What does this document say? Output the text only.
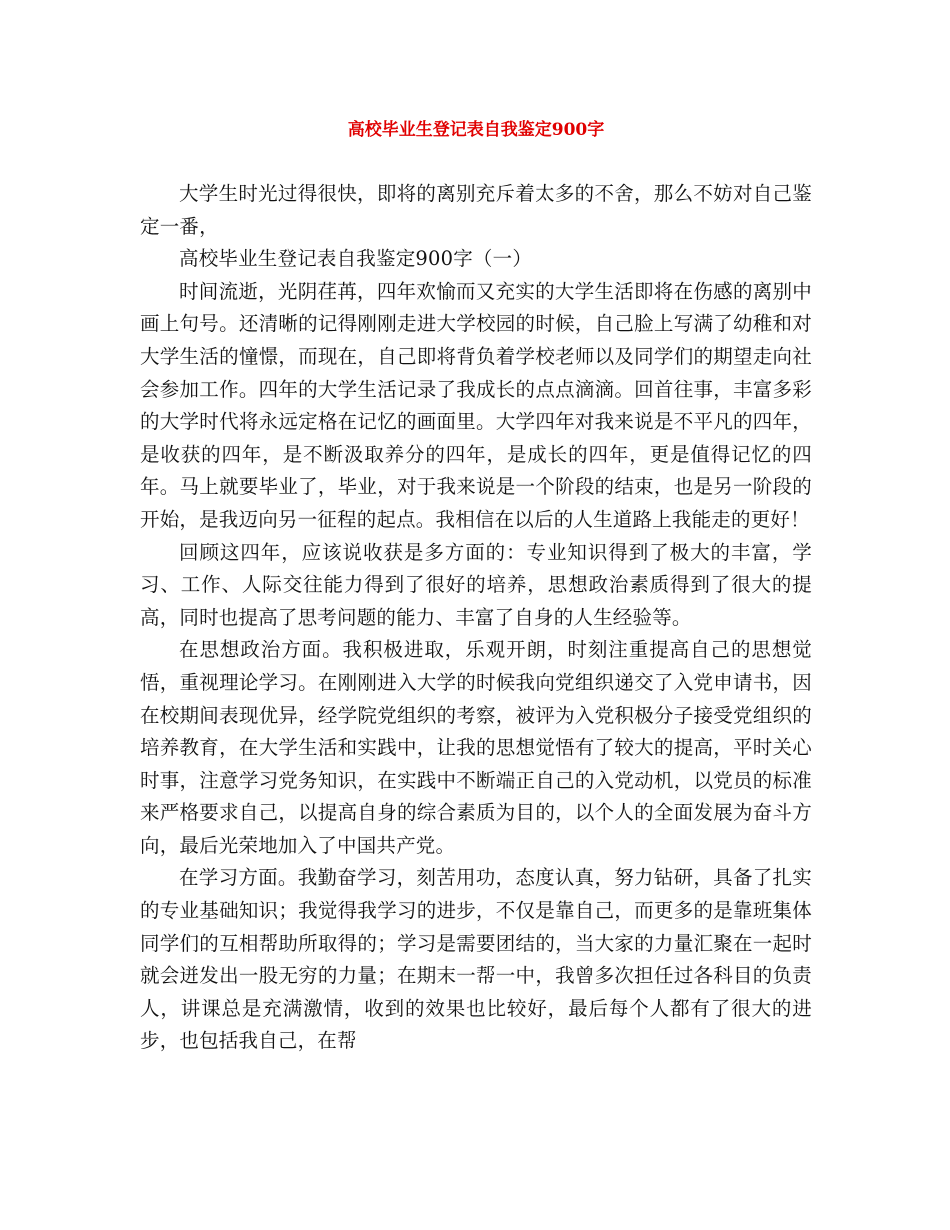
高校毕业生登记表自我鉴定900字

大学生时光过得很快，即将的离别充斥着太多的不舍，那么不妨对自己鉴定一番，

高校毕业生登记表自我鉴定900字（一）

时间流逝，光阴荏苒，四年欢愉而又充实的大学生活即将在伤感的离别中画上句号。还清晰的记得刚刚走进大学校园的时候，自己脸上写满了幼稚和对大学生活的憧憬，而现在，自己即将背负着学校老师以及同学们的期望走向社会参加工作。四年的大学生活记录了我成长的点点滴滴。回首往事，丰富多彩的大学时代将永远定格在记忆的画面里。大学四年对我来说是不平凡的四年，是收获的四年，是不断汲取养分的四年，是成长的四年，更是值得记忆的四年。马上就要毕业了，毕业，对于我来说是一个阶段的结束，也是另一阶段的开始，是我迈向另一征程的起点。我相信在以后的人生道路上我能走的更好！

回顾这四年，应该说收获是多方面的：专业知识得到了极大的丰富，学习、工作、人际交往能力得到了很好的培养，思想政治素质得到了很大的提高，同时也提高了思考问题的能力、丰富了自身的人生经验等。

在思想政治方面。我积极进取，乐观开朗，时刻注重提高自己的思想觉悟，重视理论学习。在刚刚进入大学的时候我向党组织递交了入党申请书，因在校期间表现优异，经学院党组织的考察，被评为入党积极分子接受党组织的培养教育，在大学生活和实践中，让我的思想觉悟有了较大的提高，平时关心时事，注意学习党务知识，在实践中不断端正自己的入党动机，以党员的标准来严格要求自己，以提高自身的综合素质为目的，以个人的全面发展为奋斗方向，最后光荣地加入了中国共产党。

在学习方面。我勤奋学习，刻苦用功，态度认真，努力钻研，具备了扎实的专业基础知识；我觉得我学习的进步，不仅是靠自己，而更多的是靠班集体同学们的互相帮助所取得的；学习是需要团结的，当大家的力量汇聚在一起时就会迸发出一股无穷的力量；在期末一帮一中，我曾多次担任过各科目的负责人，讲课总是充满激情，收到的效果也比较好，最后每个人都有了很大的进步，也包括我自己，在帮
